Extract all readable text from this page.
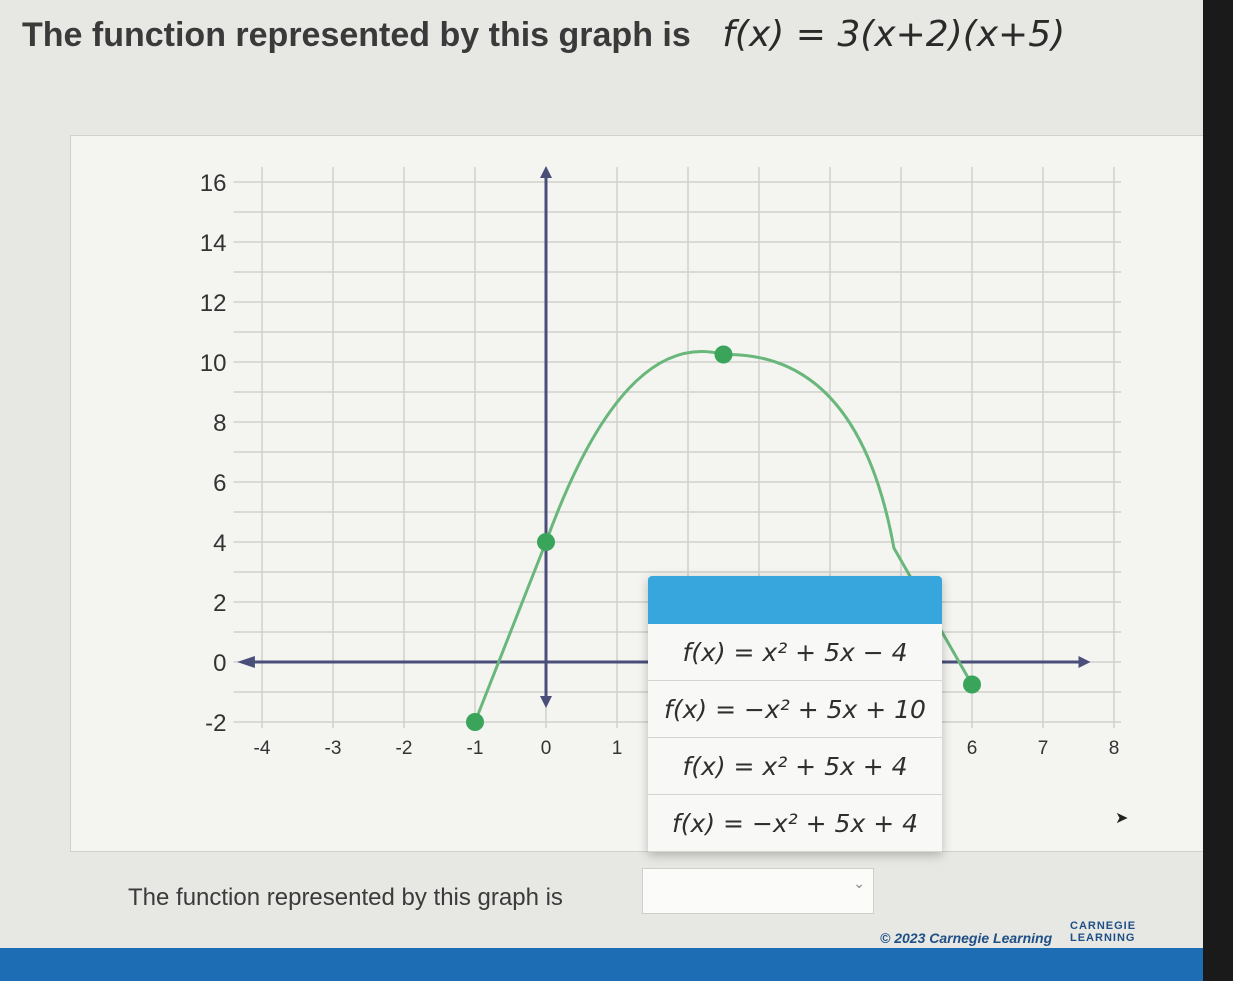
The function represented by this graph is f(x) = 3(x+2)(x+5)
16
14
12
10
8
6
4
2
0
-2
-4	-3	-2	-1	0	1	6	7	8
f(x) = x² + 5x − 4
f(x) = −x² + 5x + 10
f(x) = x² + 5x + 4
f(x) = −x² + 5x + 4
The function represented by this graph is
⌄
© 2023 Carnegie Learning
CARNEGIE
LEARNING
➤
